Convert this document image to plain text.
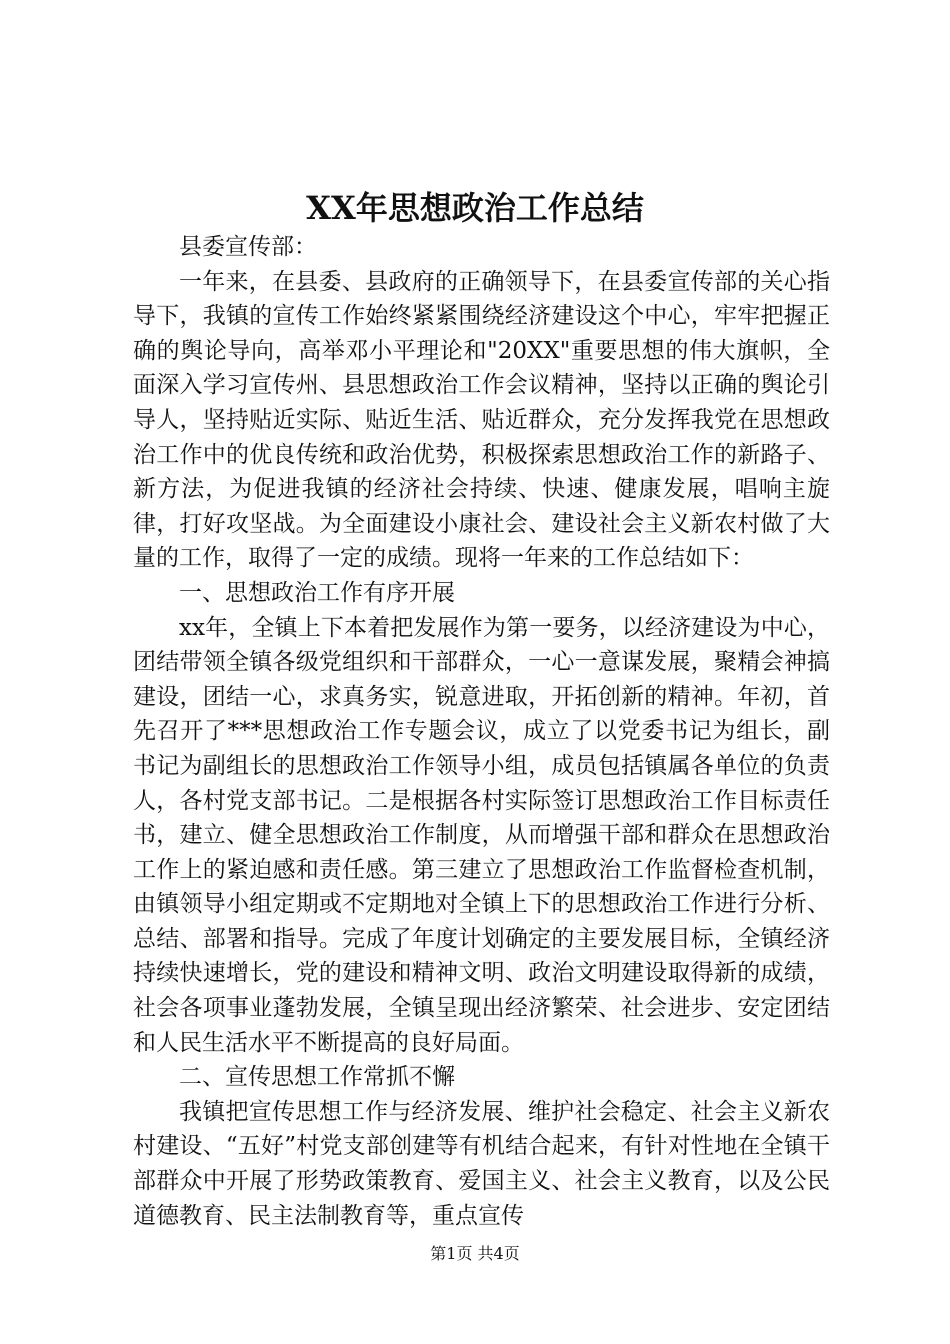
XX年思想政治工作总结

县委宣传部：

一年来，在县委、县政府的正确领导下，在县委宣传部的关心指导下，我镇的宣传工作始终紧紧围绕经济建设这个中心，牢牢把握正确的舆论导向，高举邓小平理论和"20XX"重要思想的伟大旗帜，全面深入学习宣传州、县思想政治工作会议精神，坚持以正确的舆论引导人，坚持贴近实际、贴近生活、贴近群众，充分发挥我党在思想政治工作中的优良传统和政治优势，积极探索思想政治工作的新路子、新方法，为促进我镇的经济社会持续、快速、健康发展，唱响主旋律，打好攻坚战。为全面建设小康社会、建设社会主义新农村做了大量的工作，取得了一定的成绩。现将一年来的工作总结如下：

一、思想政治工作有序开展

xx年，全镇上下本着把发展作为第一要务，以经济建设为中心，团结带领全镇各级党组织和干部群众，一心一意谋发展，聚精会神搞建设，团结一心，求真务实，锐意进取，开拓创新的精神。年初，首先召开了***思想政治工作专题会议，成立了以党委书记为组长，副书记为副组长的思想政治工作领导小组，成员包括镇属各单位的负责人，各村党支部书记。二是根据各村实际签订思想政治工作目标责任书，建立、健全思想政治工作制度，从而增强干部和群众在思想政治工作上的紧迫感和责任感。第三建立了思想政治工作监督检查机制，由镇领导小组定期或不定期地对全镇上下的思想政治工作进行分析、总结、部署和指导。完成了年度计划确定的主要发展目标，全镇经济持续快速增长，党的建设和精神文明、政治文明建设取得新的成绩，社会各项事业蓬勃发展，全镇呈现出经济繁荣、社会进步、安定团结和人民生活水平不断提高的良好局面。

二、宣传思想工作常抓不懈

我镇把宣传思想工作与经济发展、维护社会稳定、社会主义新农村建设、“五好”村党支部创建等有机结合起来，有针对性地在全镇干部群众中开展了形势政策教育、爱国主义、社会主义教育，以及公民道德教育、民主法制教育等，重点宣传

第1页 共4页
